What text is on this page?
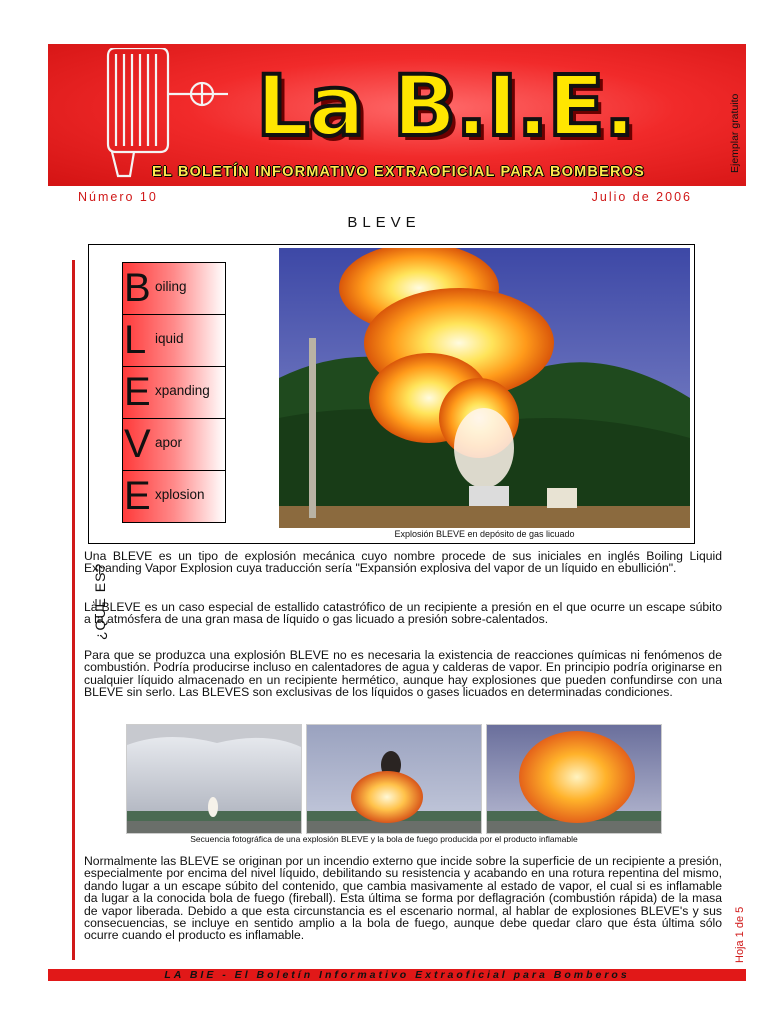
La B.I.E.
EL BOLETÍN INFORMATIVO EXTRAOFICIAL PARA BOMBEROS	Ejemplar gratuito
Número 10	Julio de 2006
BLEVE
¿QUÉ ES?
B oiling
L iquid
E xpanding
V apor
E xplosion
Explosión BLEVE en depósito de gas licuado

Una BLEVE es un tipo de explosión mecánica cuyo nombre procede de sus iniciales en inglés Boiling Liquid Expanding Vapor Explosion cuya traducción sería "Expansión explosiva del vapor de un líquido en ebullición".

La BLEVE es un caso especial de estallido catastrófico de un recipiente a presión en el que ocurre un escape súbito a la atmósfera de una gran masa de líquido o gas licuado a presión sobre-calentados.

Para que se produzca una explosión BLEVE no es necesaria la existencia de reacciones químicas ni fenómenos de combustión. Podría producirse incluso en calentadores de agua y calderas de vapor. En principio podría originarse en cualquier líquido almacenado en un recipiente hermético, aunque hay explosiones que pueden confundirse con una BLEVE sin serlo. Las BLEVES son exclusivas de los líquidos o gases licuados en determinadas condiciones.

Secuencia fotográfica de una explosión BLEVE y la bola de fuego producida por el producto inflamable

Normalmente las BLEVE se originan por un incendio externo que incide sobre la superficie de un recipiente a presión, especialmente por encima del nivel líquido, debilitando su resistencia y acabando en una rotura repentina del mismo, dando lugar a un escape súbito del contenido, que cambia masivamente al estado de vapor, el cual si es inflamable da lugar a la conocida bola de fuego (fireball). Esta última se forma por deflagración (combustión rápida) de la masa de vapor liberada. Debido a que esta circunstancia es el escenario normal, al hablar de explosiones BLEVE's y sus consecuencias, se incluye en sentido amplio a la bola de fuego, aunque debe quedar claro que ésta última sólo ocurre cuando el producto es inflamable.	Hoja 1 de 5
LA BIE - El Boletín Informativo Extraoficial para Bomberos
